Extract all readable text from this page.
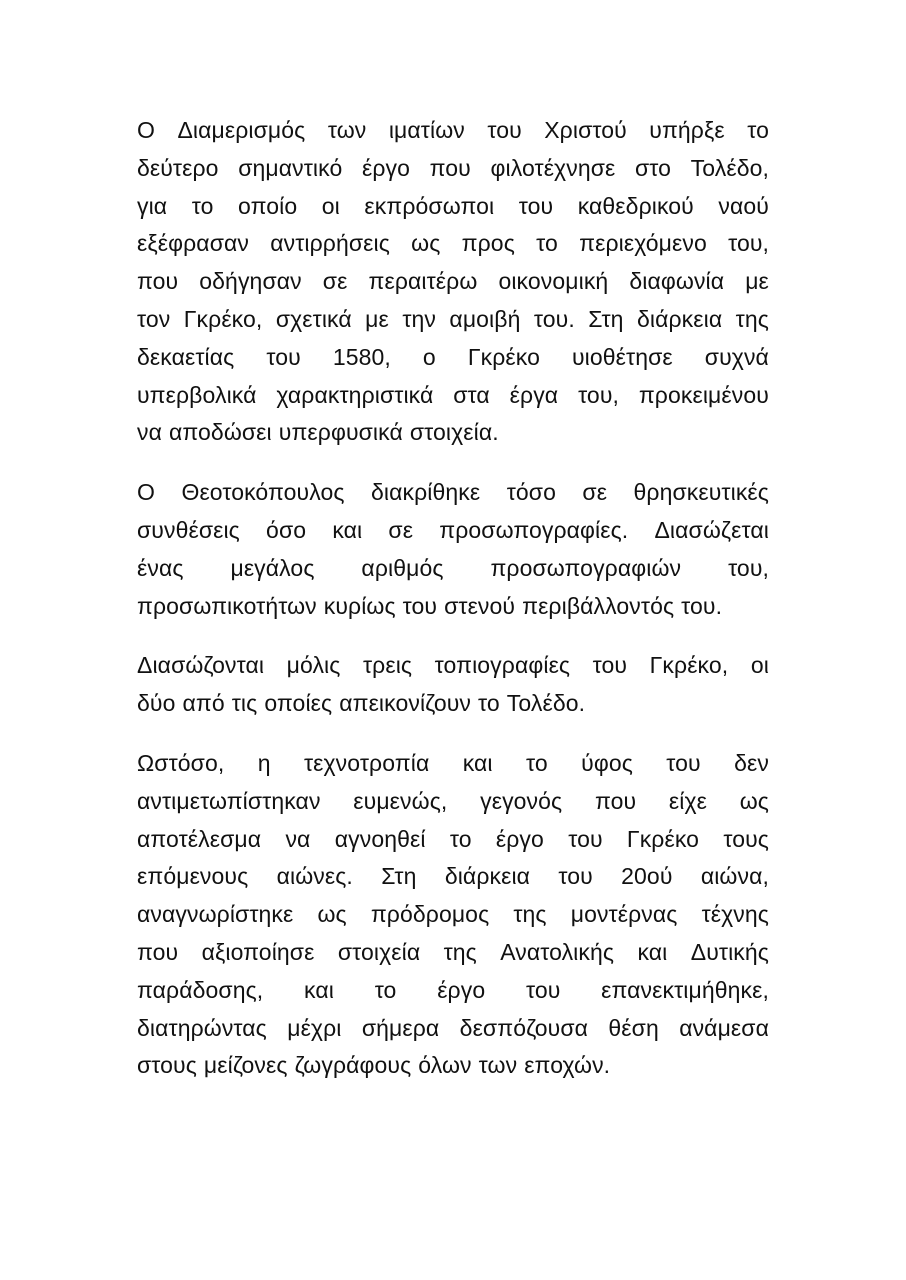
Ο Διαμερισμός των ιματίων του Χριστού υπήρξε το
δεύτερο σημαντικό έργο που φιλοτέχνησε στο Τολέδο,
για το οποίο οι εκπρόσωποι του καθεδρικού ναού
εξέφρασαν αντιρρήσεις ως προς το περιεχόμενο του,
που οδήγησαν σε περαιτέρω οικονομική διαφωνία με
τον Γκρέκο, σχετικά με την αμοιβή του. Στη διάρκεια της
δεκαετίας του 1580, ο Γκρέκο υιοθέτησε συχνά
υπερβολικά χαρακτηριστικά στα έργα του, προκειμένου
να αποδώσει υπερφυσικά στοιχεία.
Ο Θεοτοκόπουλος διακρίθηκε τόσο σε θρησκευτικές
συνθέσεις όσο και σε προσωπογραφίες. Διασώζεται
ένας μεγάλος αριθμός προσωπογραφιών του,
προσωπικοτήτων κυρίως του στενού περιβάλλοντός του.
Διασώζονται μόλις τρεις τοπιογραφίες του Γκρέκο, οι
δύο από τις οποίες απεικονίζουν το Τολέδο.
Ωστόσο, η τεχνοτροπία και το ύφος του δεν
αντιμετωπίστηκαν ευμενώς, γεγονός που είχε ως
αποτέλεσμα να αγνοηθεί το έργο του Γκρέκο τους
επόμενους αιώνες. Στη διάρκεια του 20ού αιώνα,
αναγνωρίστηκε ως πρόδρομος της μοντέρνας τέχνης
που αξιοποίησε στοιχεία της Ανατολικής και Δυτικής
παράδοσης, και το έργο του επανεκτιμήθηκε,
διατηρώντας μέχρι σήμερα δεσπόζουσα θέση ανάμεσα
στους μείζονες ζωγράφους όλων των εποχών.
